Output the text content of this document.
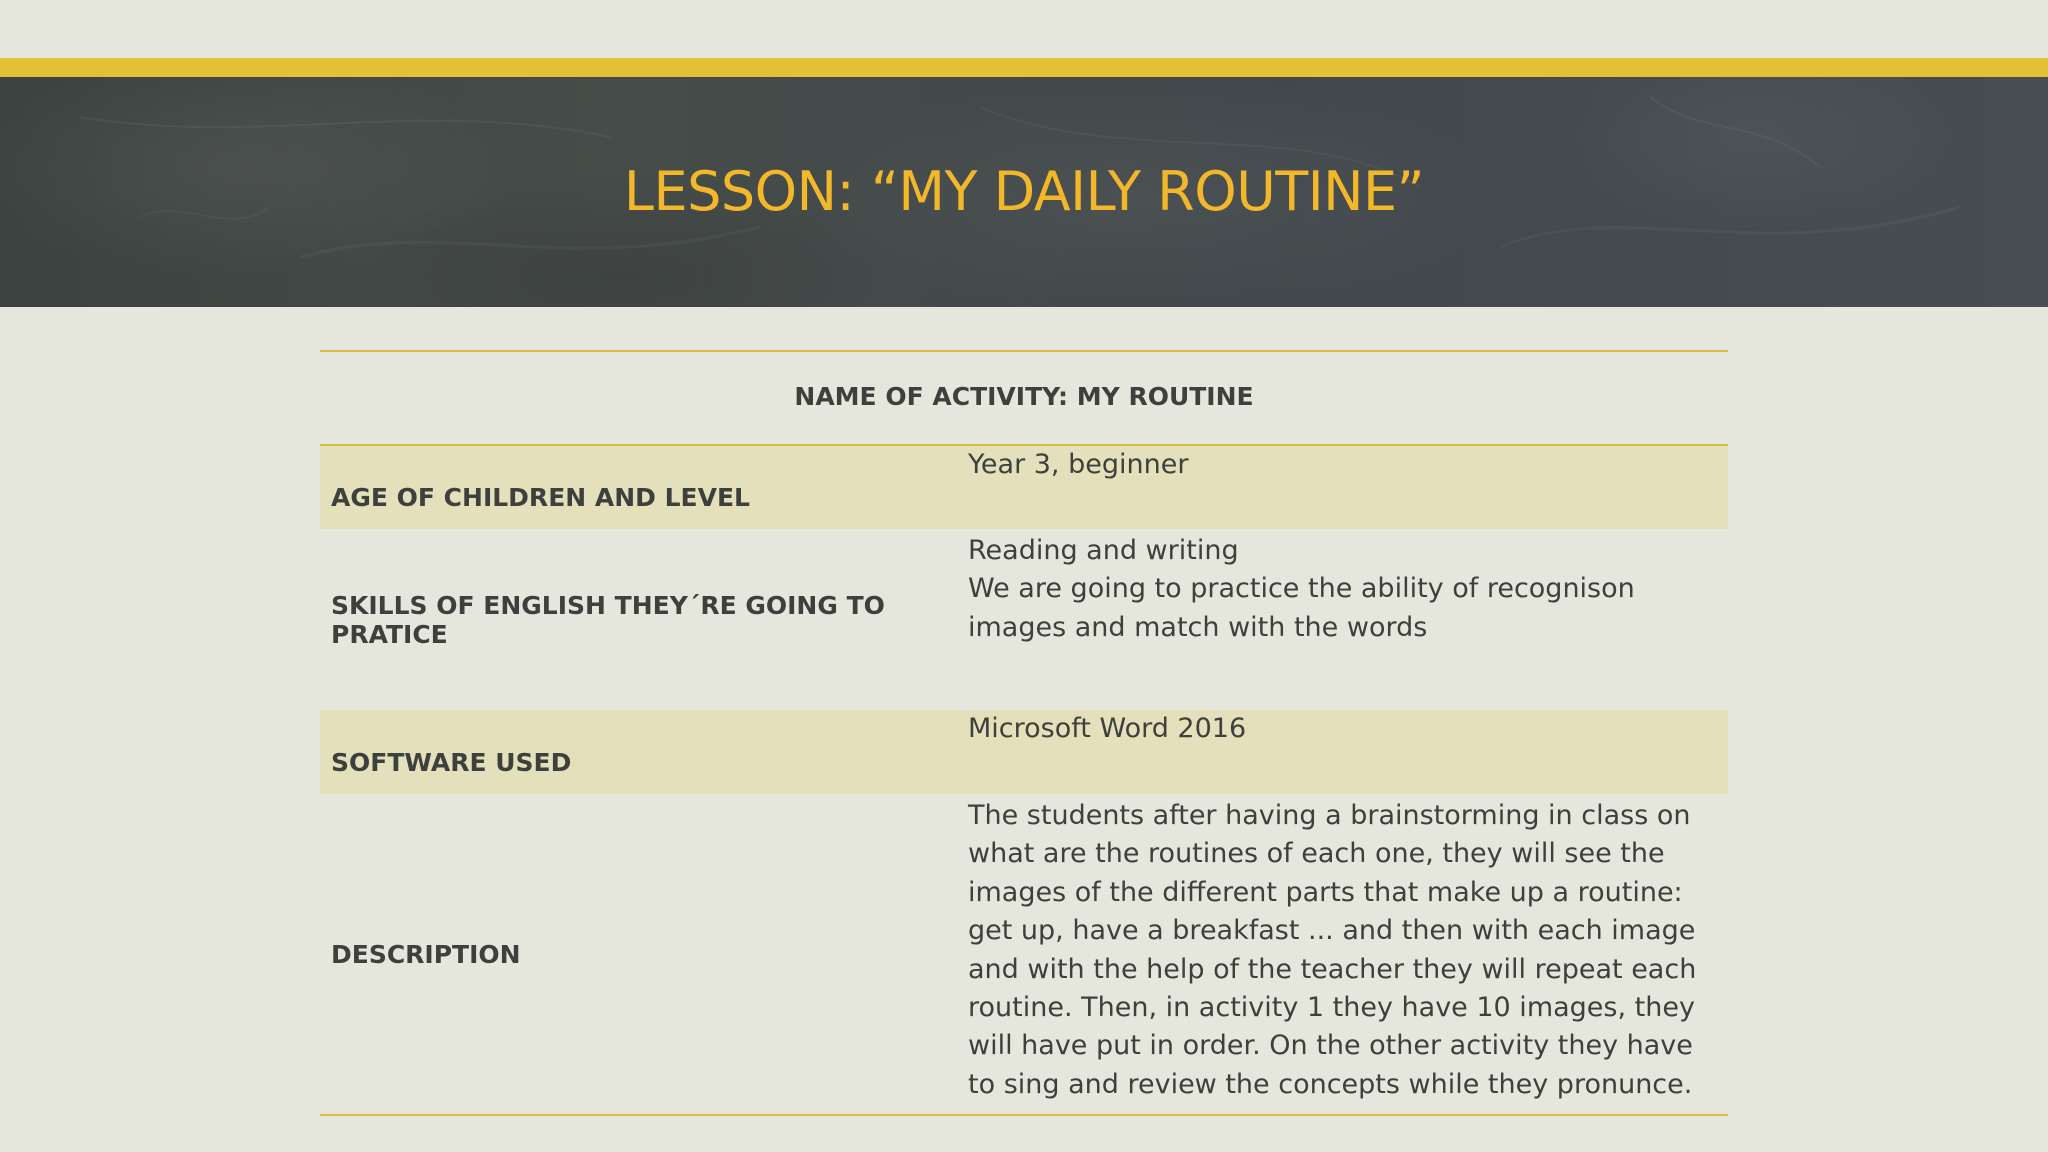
LESSON: “MY DAILY ROUTINE”
NAME OF ACTIVITY: MY ROUTINE	
AGE OF CHILDREN AND LEVEL	Year 3, beginner

SKILLS OF ENGLISH THEY´RE GOING TO PRATICE	Reading and writing
We are going to practice the ability of recognison images and match with the words

SOFTWARE USED	Microsoft Word 2016

DESCRIPTION	The students after having a brainstorming in class on what are the routines of each one, they will see the images of the different parts that make up a routine: get up, have a breakfast ... and then with each image and with the help of the teacher they will repeat each routine. Then, in activity 1 they have 10 images, they will have put in order. On the other activity they have to sing and review the concepts while they pronunce.
